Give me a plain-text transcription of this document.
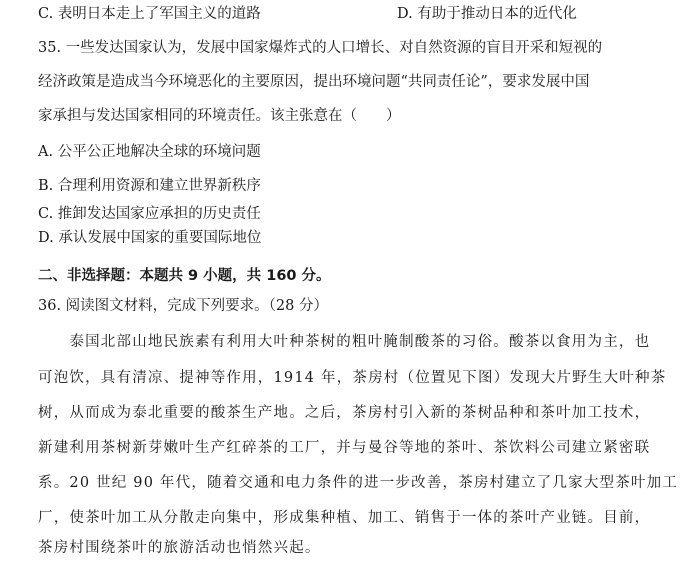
C. 表明日本走上了军国主义的道路	D. 有助于推动日本的近代化
35. 一些发达国家认为，发展中国家爆炸式的人口增长、对自然资源的盲目开采和短视的
经济政策是造成当今环境恶化的主要原因，提出环境问题“共同责任论”，要求发展中国
家承担与发达国家相同的环境责任。该主张意在（　　）
A. 公平公正地解决全球的环境问题
B. 合理利用资源和建立世界新秩序
C. 推卸发达国家应承担的历史责任
D. 承认发展中国家的重要国际地位
二、非选择题：本题共 9 小题，共 160 分。
36. 阅读图文材料，完成下列要求。（28 分）
　　泰国北部山地民族素有利用大叶种茶树的粗叶腌制酸茶的习俗。酸茶以食用为主，也
可泡饮，具有清凉、提神等作用，1914 年，茶房村（位置见下图）发现大片野生大叶种茶
树，从而成为泰北重要的酸茶生产地。之后，茶房村引入新的茶树品种和茶叶加工技术，
新建利用茶树新芽嫩叶生产红碎茶的工厂，并与曼谷等地的茶叶、茶饮料公司建立紧密联
系。20 世纪 90 年代，随着交通和电力条件的进一步改善，茶房村建立了几家大型茶叶加工
厂，使茶叶加工从分散走向集中，形成集种植、加工、销售于一体的茶叶产业链。目前，
茶房村围绕茶叶的旅游活动也悄然兴起。
